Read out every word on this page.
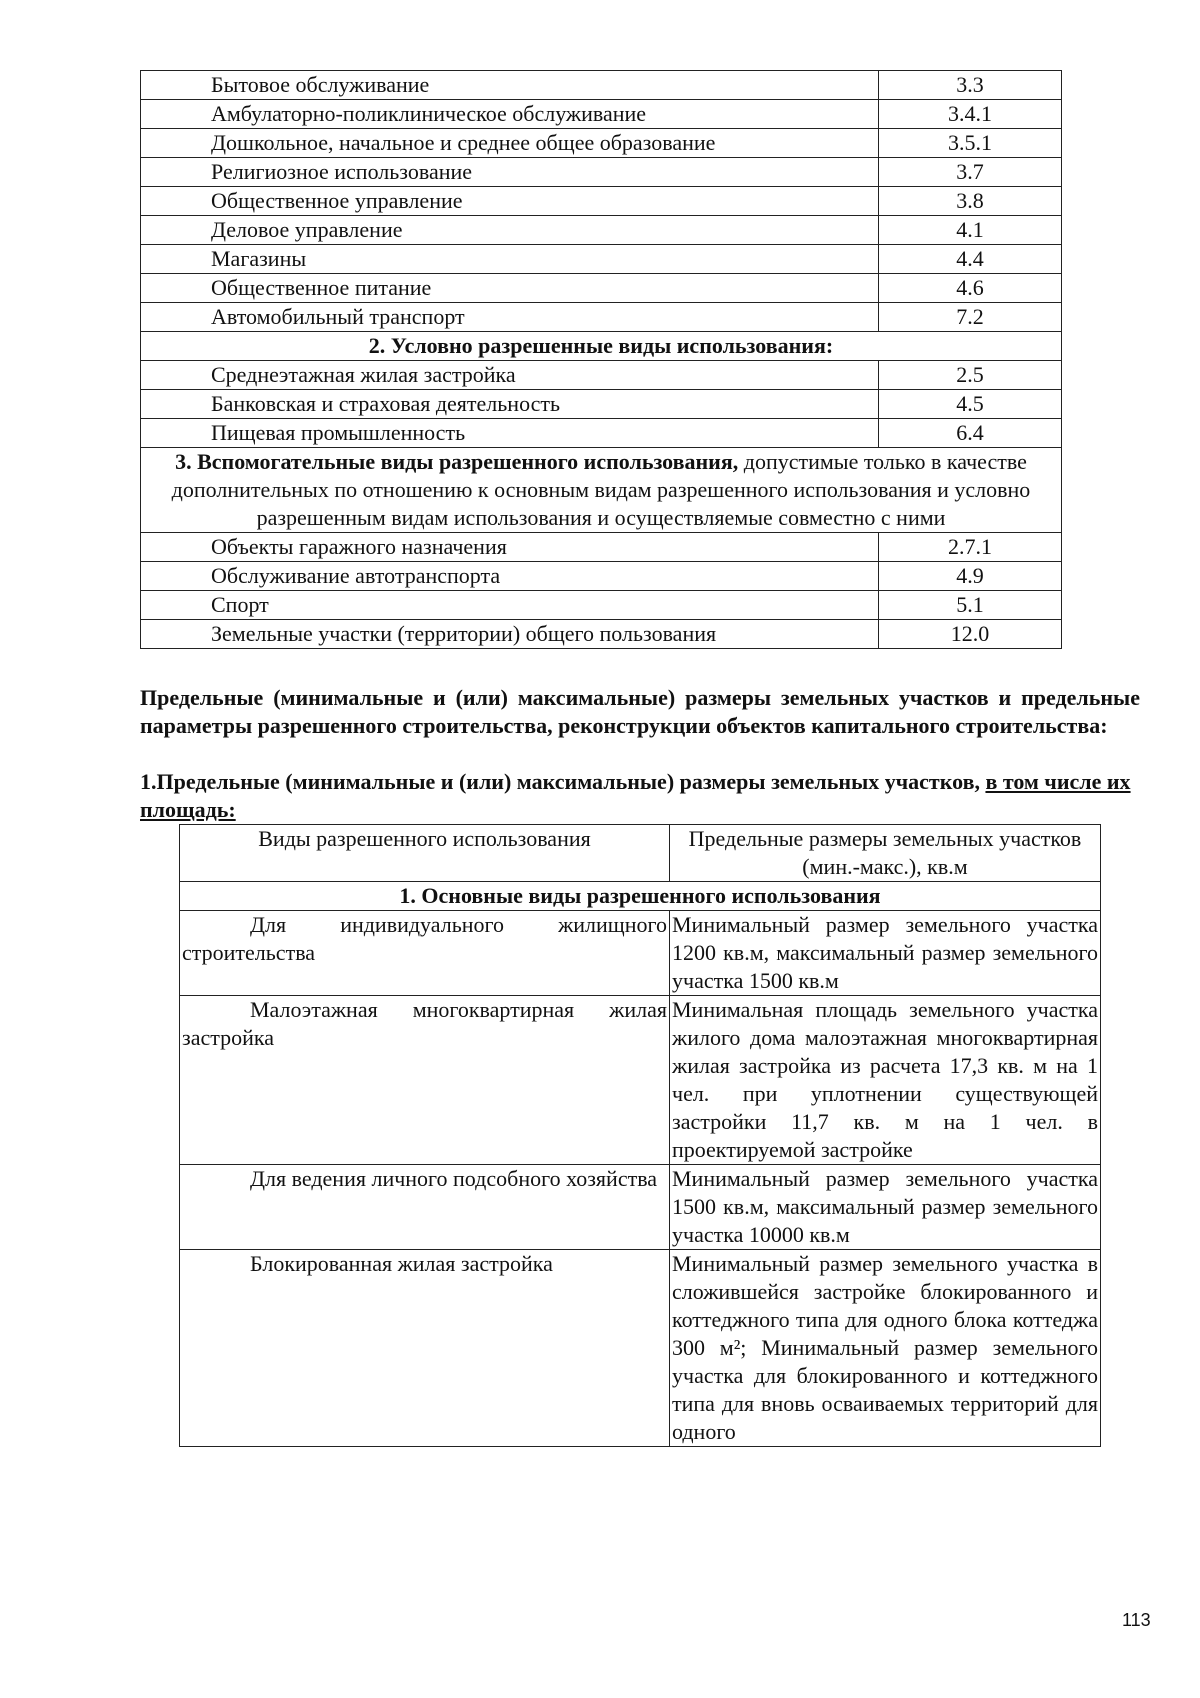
Бытовое обслуживание	3.3
Амбулаторно-поликлиническое обслуживание	3.4.1
Дошкольное, начальное и среднее общее образование	3.5.1
Религиозное использование	3.7
Общественное управление	3.8
Деловое управление	4.1
Магазины	4.4
Общественное питание	4.6
Автомобильный транспорт	7.2
2. Условно разрешенные виды использования:	
Среднеэтажная жилая застройка	2.5
Банковская и страховая деятельность	4.5
Пищевая промышленность	6.4
3. Вспомогательные виды разрешенного использования, допустимые только в качестве дополнительных по отношению к основным видам разрешенного использования и условно разрешенным видам использования и осуществляемые совместно с ними	
Объекты гаражного назначения	2.7.1
Обслуживание автотранспорта	4.9
Спорт	5.1
Земельные участки (территории) общего пользования	12.0
Предельные (минимальные и (или) максимальные) размеры земельных участков и предельные параметры разрешенного строительства, реконструкции объектов капитального строительства:
1.Предельные (минимальные и (или) максимальные) размеры земельных участков, в том числе их площадь:
Виды разрешенного использования	Предельные размеры земельных участков (мин.-макс.), кв.м
1. Основные виды разрешенного использования	
Для индивидуального жилищного строительства	Минимальный размер земельного участка 1200 кв.м, максимальный размер земельного участка 1500 кв.м
Малоэтажная многоквартирная жилая застройка	Минимальная площадь земельного участка жилого дома малоэтажная многоквартирная жилая застройка из расчета 17,3 кв. м на 1 чел. при уплотнении существующей застройки 11,7 кв. м на 1 чел. в проектируемой застройке
Для ведения личного подсобного хозяйства	Минимальный размер земельного участка 1500 кв.м, максимальный размер земельного участка 10000 кв.м
Блокированная жилая застройка	Минимальный размер земельного участка в сложившейся застройке блокированного и коттеджного типа для одного блока коттеджа 300 м²; Минимальный размер земельного участка для блокированного и коттеджного типа для вновь осваиваемых территорий для одного
113
